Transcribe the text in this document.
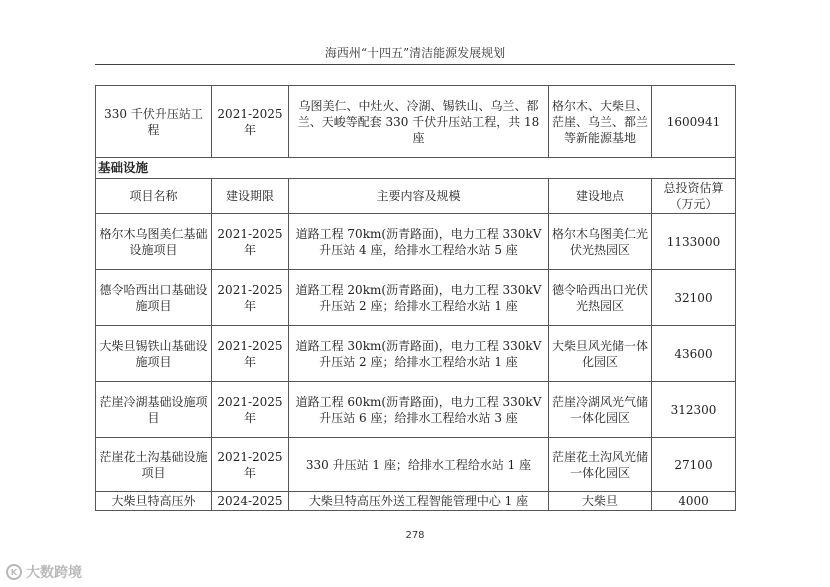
海西州“十四五”清洁能源发展规划
330 千伏升压站工程	2021-2025 年	乌图美仁、中灶火、冷湖、锡铁山、乌兰、都兰、天峻等配套 330 千伏升压站工程，共 18 座	格尔木、大柴旦、茫崖、乌兰、都兰等新能源基地	1600941
基础设施				
项目名称	建设期限	主要内容及规模	建设地点	总投资估算（万元）
格尔木乌图美仁基础设施项目	2021-2025 年	道路工程 70km(沥青路面)，电力工程 330kV 升压站 4 座，给排水工程给水站 5 座	格尔木乌图美仁光伏光热园区	1133000
德令哈西出口基础设施项目	2021-2025 年	道路工程 20km(沥青路面)，电力工程 330kV 升压站 2 座；给排水工程给水站 1 座	德令哈西出口光伏光热园区	32100
大柴旦锡铁山基础设施项目	2021-2025 年	道路工程 30km(沥青路面)，电力工程 330kV 升压站 2 座；给排水工程给水站 1 座	大柴旦风光储一体化园区	43600
茫崖冷湖基础设施项目	2021-2025 年	道路工程 60km(沥青路面)，电力工程 330kV 升压站 6 座；给排水工程给水站 3 座	茫崖冷湖风光气储一体化园区	312300
茫崖花土沟基础设施项目	2021-2025 年	330 升压站 1 座；给排水工程给水站 1 座	茫崖花土沟风光储一体化园区	27100
大柴旦特高压外	2024-2025	大柴旦特高压外送工程智能管理中心 1 座	大柴旦	4000
278
K 大数跨境
